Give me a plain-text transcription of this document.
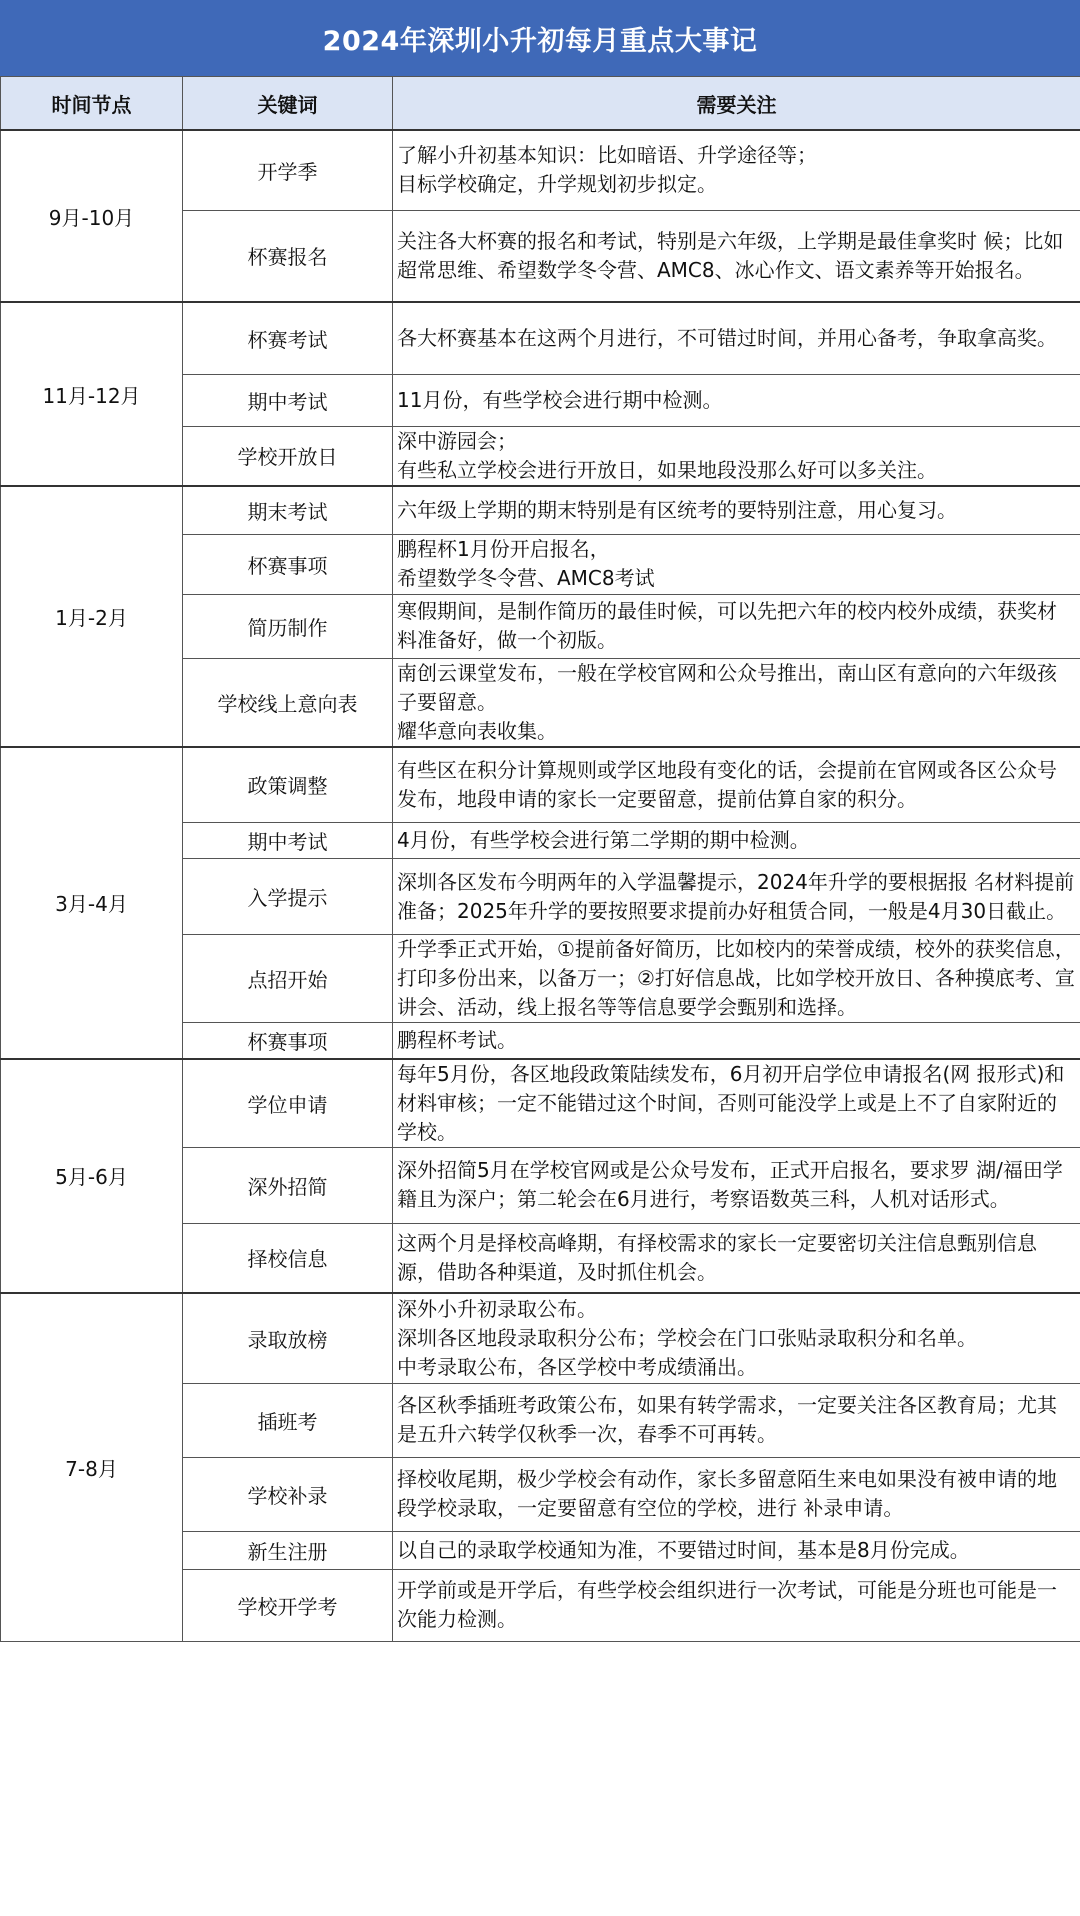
2024年深圳小升初每月重点大事记
时间节点	关键词	需要关注
9月-10月	开学季	了解小升初基本知识：比如暗语、升学途径等；
目标学校确定，升学规划初步拟定。

	杯赛报名	关注各大杯赛的报名和考试，特别是六年级，上学期是最佳拿奖时 候；比如超常思维、希望数学冬令营、AMC8、冰心作文、语文素养等开始报名。

11月-12月	杯赛考试	各大杯赛基本在这两个月进行，不可错过时间，并用心备考，争取拿高奖。

	期中考试	11月份，有些学校会进行期中检测。

	学校开放日	深中游园会；
有些私立学校会进行开放日，如果地段没那么好可以多关注。

1月-2月	期末考试	六年级上学期的期末特别是有区统考的要特别注意，用心复习。

	杯赛事项	鹏程杯1月份开启报名，
希望数学冬令营、AMC8考试

	简历制作	寒假期间，是制作简历的最佳时候，可以先把六年的校内校外成绩，获奖材料准备好，做一个初版。

	学校线上意向表	南创云课堂发布，一般在学校官网和公众号推出，南山区有意向的六年级孩子要留意。
耀华意向表收集。

3月-4月	政策调整	有些区在积分计算规则或学区地段有变化的话，会提前在官网或各区公众号发布，地段申请的家长一定要留意，提前估算自家的积分。

	期中考试	4月份，有些学校会进行第二学期的期中检测。

	入学提示	深圳各区发布今明两年的入学温馨提示，2024年升学的要根据报 名材料提前准备；2025年升学的要按照要求提前办好租赁合同，一般是4月30日截止。

	点招开始	升学季正式开始，①提前备好简历，比如校内的荣誉成绩，校外的获奖信息，打印多份出来，以备万一；②打好信息战，比如学校开放日、各种摸底考、宣讲会、活动，线上报名等等信息要学会甄别和选择。

	杯赛事项	鹏程杯考试。

5月-6月	学位申请	每年5月份，各区地段政策陆续发布，6月初开启学位申请报名(网 报形式)和材料审核；一定不能错过这个时间，否则可能没学上或是上不了自家附近的学校。

	深外招简	深外招简5月在学校官网或是公众号发布，正式开启报名，要求罗 湖/福田学籍且为深户；第二轮会在6月进行，考察语数英三科，人机对话形式。

	择校信息	这两个月是择校高峰期，有择校需求的家长一定要密切关注信息甄别信息源，借助各种渠道，及时抓住机会。

7-8月	录取放榜	深外小升初录取公布。
深圳各区地段录取积分公布；学校会在门口张贴录取积分和名单。
中考录取公布，各区学校中考成绩涌出。

	插班考	各区秋季插班考政策公布，如果有转学需求，一定要关注各区教育局；尤其是五升六转学仅秋季一次，春季不可再转。

	学校补录	择校收尾期，极少学校会有动作，家长多留意陌生来电如果没有被申请的地段学校录取，一定要留意有空位的学校，进行 补录申请。

	新生注册	以自己的录取学校通知为准，不要错过时间，基本是8月份完成。

	学校开学考	开学前或是开学后，有些学校会组织进行一次考试，可能是分班也可能是一次能力检测。
